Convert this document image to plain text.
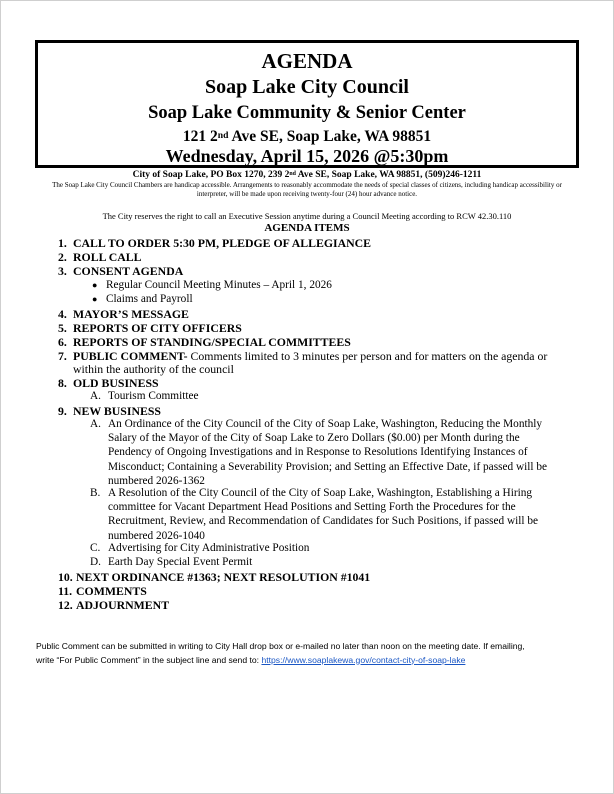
AGENDA
Soap Lake City Council
Soap Lake Community & Senior Center
121 2nd Ave SE, Soap Lake, WA 98851
Wednesday, April 15, 2026 @5:30pm
City of Soap Lake, PO Box 1270, 239 2nd Ave SE, Soap Lake, WA 98851, (509)246-1211
The Soap Lake City Council Chambers are handicap accessible. Arrangements to reasonably accommodate the needs of special classes of citizens, including handicap accessibility or interpreter, will be made upon receiving twenty-four (24) hour advance notice.
The City reserves the right to call an Executive Session anytime during a Council Meeting according to RCW 42.30.110
AGENDA ITEMS
1. CALL TO ORDER 5:30 PM, PLEDGE OF ALLEGIANCE
2. ROLL CALL
3. CONSENT AGENDA
● Regular Council Meeting Minutes – April 1, 2026
● Claims and Payroll
4. MAYOR’S MESSAGE
5. REPORTS OF CITY OFFICERS
6. REPORTS OF STANDING/SPECIAL COMMITTEES
7. PUBLIC COMMENT- Comments limited to 3 minutes per person and for matters on the agenda or
within the authority of the council
8. OLD BUSINESS
A. Tourism Committee
9. NEW BUSINESS
A. An Ordinance of the City Council of the City of Soap Lake, Washington, Reducing the Monthly
Salary of the Mayor of the City of Soap Lake to Zero Dollars ($0.00) per Month during the
Pendency of Ongoing Investigations and in Response to Resolutions Identifying Instances of
Misconduct; Containing a Severability Provision; and Setting an Effective Date, if passed will be
numbered 2026-1362
B. A Resolution of the City Council of the City of Soap Lake, Washington, Establishing a Hiring
committee for Vacant Department Head Positions and Setting Forth the Procedures for the
Recruitment, Review, and Recommendation of Candidates for Such Positions, if passed will be
numbered 2026-1040
C. Advertising for City Administrative Position
D. Earth Day Special Event Permit
10. NEXT ORDINANCE #1363; NEXT RESOLUTION #1041
11. COMMENTS
12. ADJOURNMENT
Public Comment can be submitted in writing to City Hall drop box or e-mailed no later than noon on the meeting date. If emailing,
write “For Public Comment” in the subject line and send to: https://www.soaplakewa.gov/contact-city-of-soap-lake
